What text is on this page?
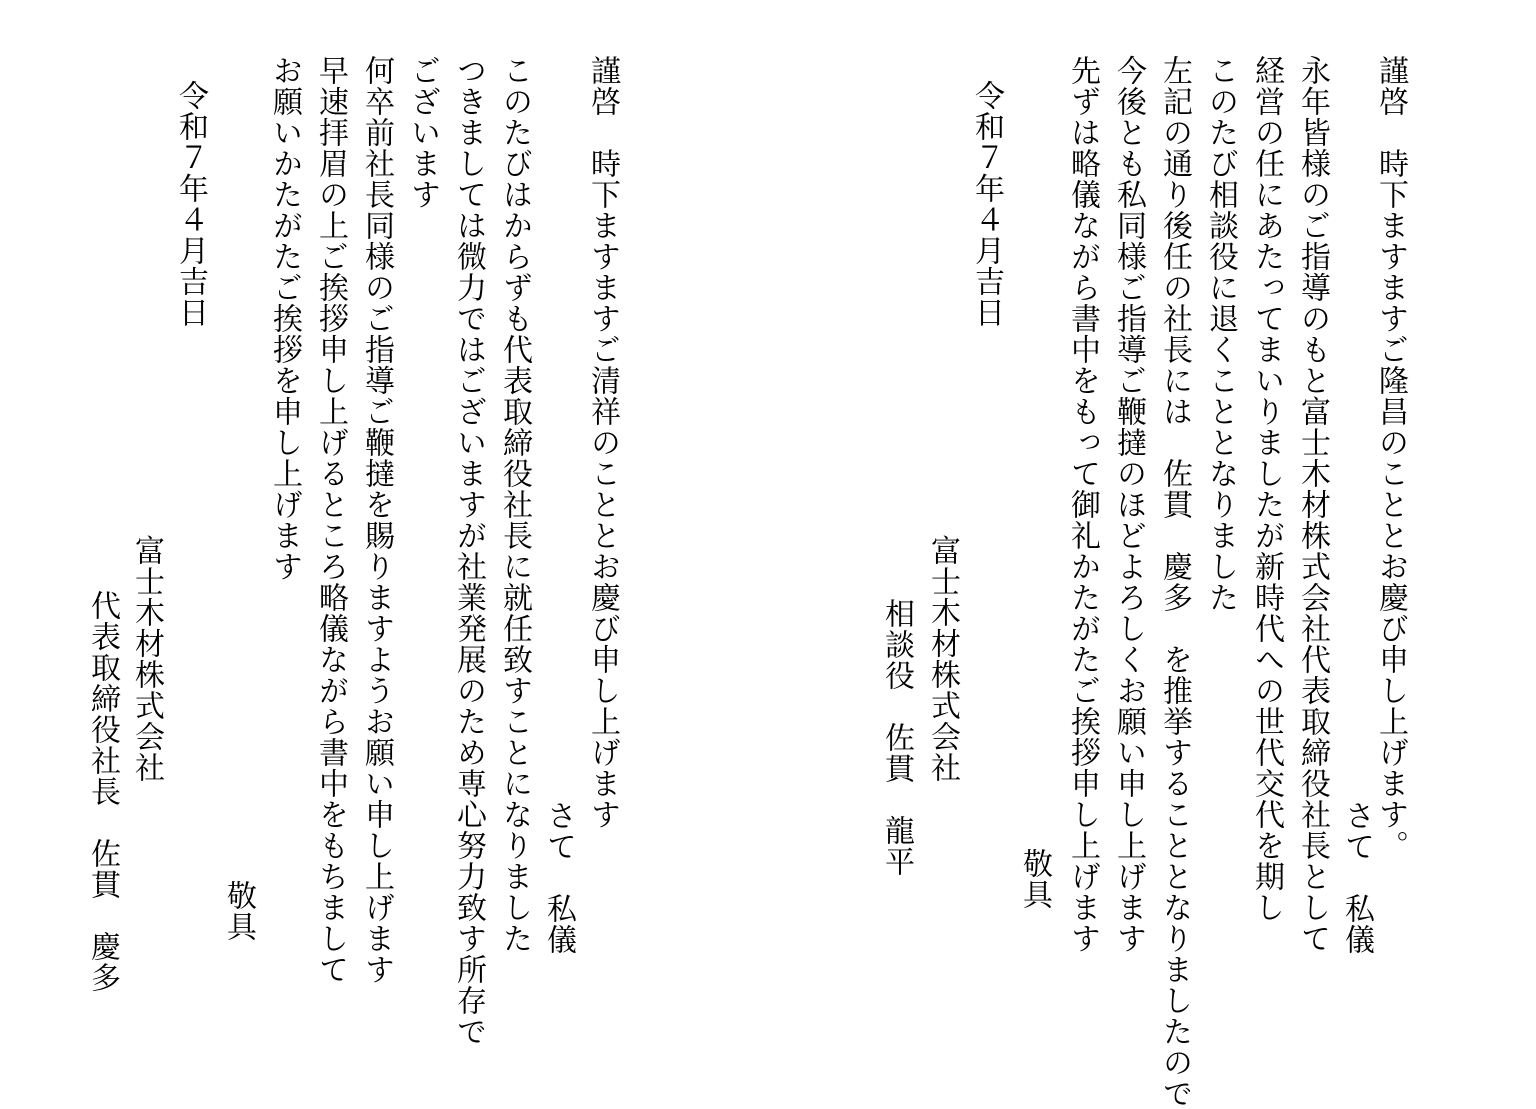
謹啓　時下ますますご隆昌のこととお慶び申し上げます。
さて　私儀
永年皆様のご指導のもと富士木材株式会社代表取締役社長として
経営の任にあたってまいりましたが新時代への世代交代を期し
このたび相談役に退くこととなりました
左記の通り後任の社長には　佐貫　慶多　を推挙することとなりましたので
今後とも私同様ご指導ご鞭撻のほどよろしくお願い申し上げます
先ずは略儀ながら書中をもって御礼かたがたご挨拶申し上げます
敬具
令和７年４月吉日
富士木材株式会社
相談役　佐貫　龍平
謹啓　時下ますますご清祥のこととお慶び申し上げます
さて　私儀
このたびはからずも代表取締役社長に就任致すことになりました
つきましては微力ではございますが社業発展のため専心努力致す所存で
ございます
何卒前社長同様のご指導ご鞭撻を賜りますようお願い申し上げます
早速拝眉の上ご挨拶申し上げるところ略儀ながら書中をもちまして
お願いかたがたご挨拶を申し上げます
敬具
令和７年４月吉日
富士木材株式会社
代表取締役社長　佐貫　慶多
